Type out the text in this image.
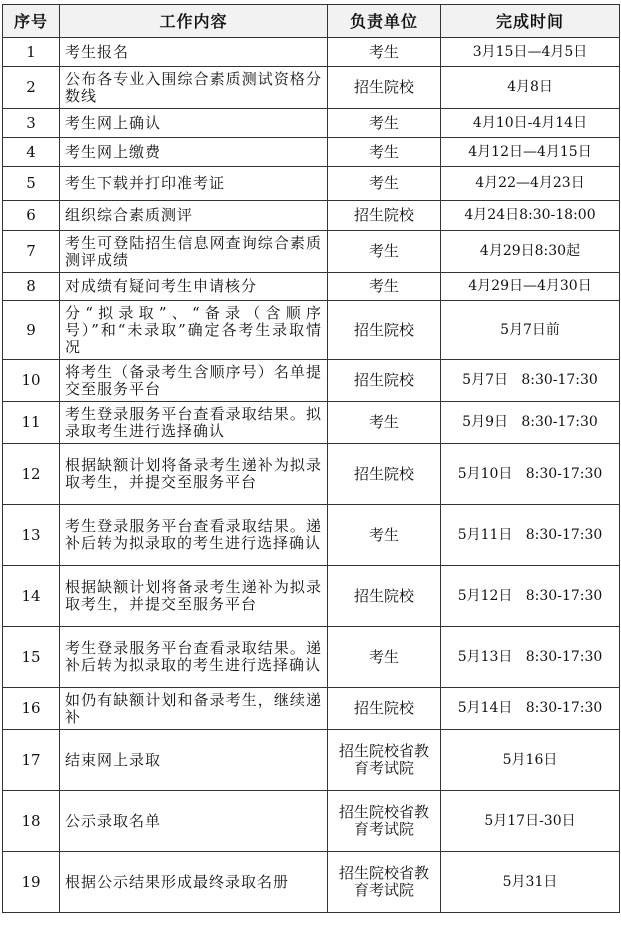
序号	工作内容	负责单位	完成时间
1	考生报名	考生	3月15日—4月5日
2	公布各专业入围综合素质测试资格分数线	招生院校	4月8日
3	考生网上确认	考生	4月10日-4月14日
4	考生网上缴费	考生	4月12日—4月15日
5	考生下载并打印准考证	考生	4月22—4月23日
6	组织综合素质测评	招生院校	4月24日8:30-18:00
7	考生可登陆招生信息网查询综合素质测评成绩	考生	4月29日8:30起
8	对成绩有疑问考生申请核分	考生	4月29日—4月30日
9	分“拟录取”、“备录（含顺序号）”和“未录取”确定各考生录取情况	招生院校	5月7日前
10	将考生（备录考生含顺序号）名单提交至服务平台	招生院校	5月7日   8:30-17:30
11	考生登录服务平台查看录取结果。拟录取考生进行选择确认	考生	5月9日   8:30-17:30
12	根据缺额计划将备录考生递补为拟录取考生，并提交至服务平台	招生院校	5月10日   8:30-17:30
13	考生登录服务平台查看录取结果。递补后转为拟录取的考生进行选择确认	考生	5月11日   8:30-17:30
14	根据缺额计划将备录考生递补为拟录取考生，并提交至服务平台	招生院校	5月12日   8:30-17:30
15	考生登录服务平台查看录取结果。递补后转为拟录取的考生进行选择确认	考生	5月13日   8:30-17:30
16	如仍有缺额计划和备录考生，继续递补	招生院校	5月14日   8:30-17:30
17	结束网上录取	招生院校省教育考试院	5月16日
18	公示录取名单	招生院校省教育考试院	5月17日-30日
19	根据公示结果形成最终录取名册	招生院校省教育考试院	5月31日
